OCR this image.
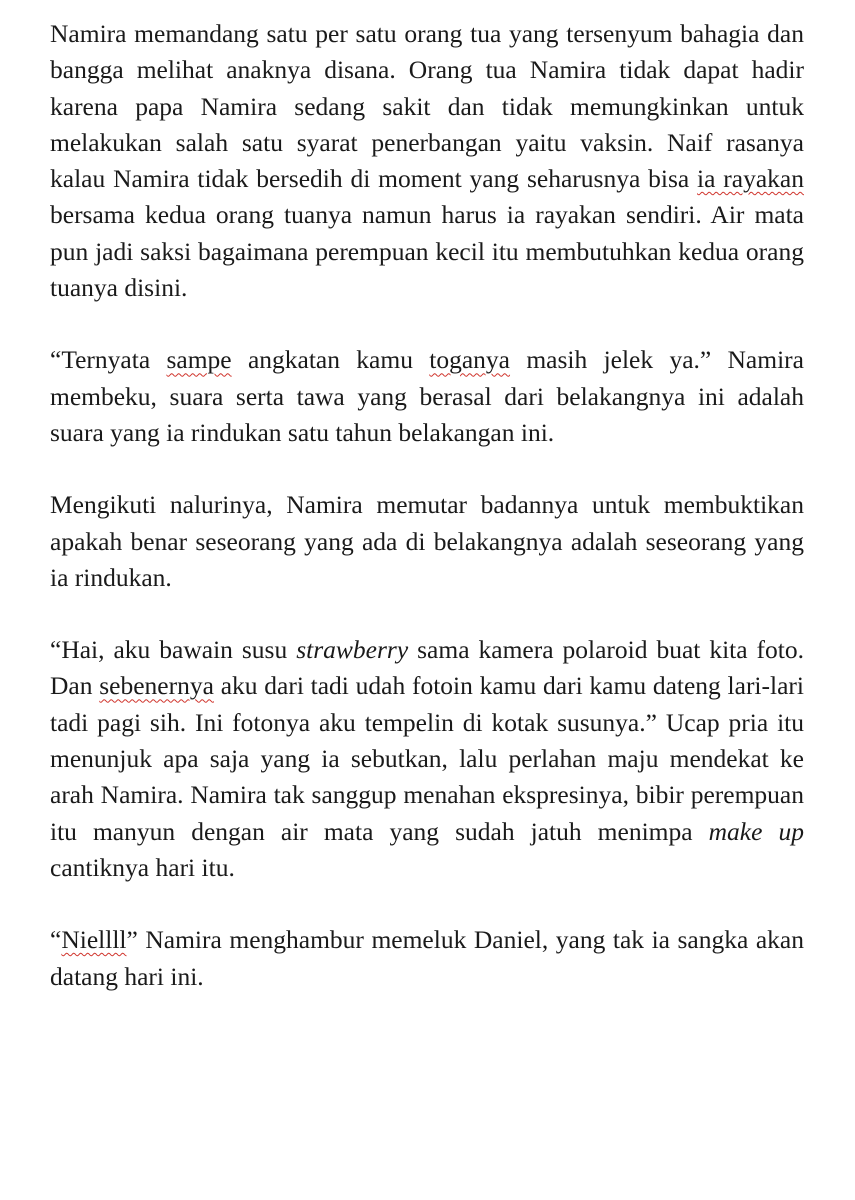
Namira memandang satu per satu orang tua yang tersenyum bahagia dan bangga melihat anaknya disana. Orang tua Namira tidak dapat hadir karena papa Namira sedang sakit dan tidak memungkinkan untuk melakukan salah satu syarat penerbangan yaitu vaksin. Naif rasanya kalau Namira tidak bersedih di moment yang seharusnya bisa ia rayakan bersama kedua orang tuanya namun harus ia rayakan sendiri. Air mata pun jadi saksi bagaimana perempuan kecil itu membutuhkan kedua orang tuanya disini.

“Ternyata sampe angkatan kamu toganya masih jelek ya.” Namira membeku, suara serta tawa yang berasal dari belakangnya ini adalah suara yang ia rindukan satu tahun belakangan ini.

Mengikuti nalurinya, Namira memutar badannya untuk membuktikan apakah benar seseorang yang ada di belakangnya adalah seseorang yang ia rindukan.

“Hai, aku bawain susu strawberry sama kamera polaroid buat kita foto. Dan sebenernya aku dari tadi udah fotoin kamu dari kamu dateng lari-lari tadi pagi sih. Ini fotonya aku tempelin di kotak susunya.” Ucap pria itu menunjuk apa saja yang ia sebutkan, lalu perlahan maju mendekat ke arah Namira. Namira tak sanggup menahan ekspresinya, bibir perempuan itu manyun dengan air mata yang sudah jatuh menimpa make up cantiknya hari itu.

“Niellll” Namira menghambur memeluk Daniel, yang tak ia sangka akan datang hari ini.
